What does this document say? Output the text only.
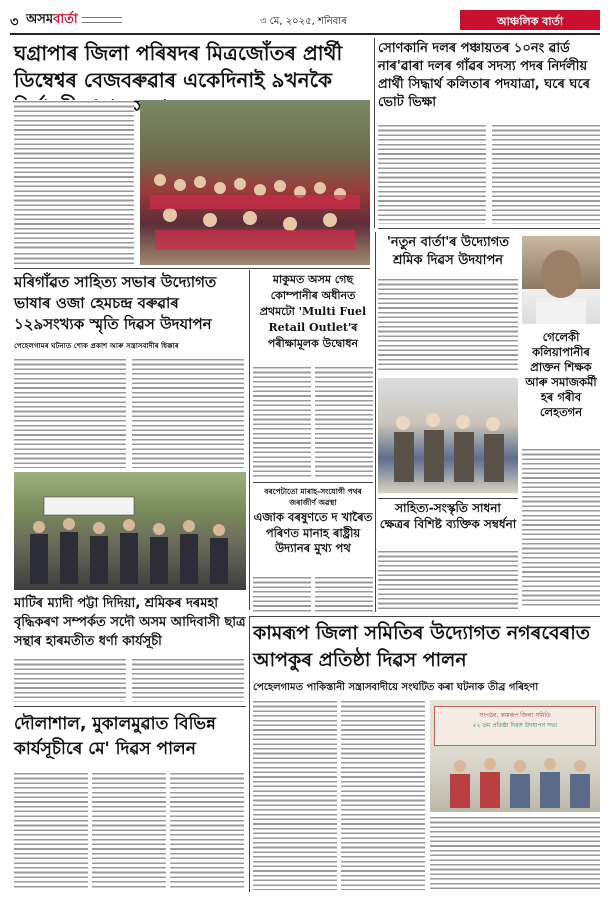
৩ অসম বাৰ্তা	৩ মে, ২০২৫, শনিবাৰ	আঞ্চলিক বাৰ্তা
ঘগ্ৰাপাৰ জিলা পৰিষদৰ মিত্ৰজোঁতৰ প্ৰাৰ্থী ডিম্বেশ্বৰ বেজবৰুৱাৰ একেদিনাই ৯খনকৈ
সোণকানি দলৰ পঞ্চায়তৰ ১০নং ৱাৰ্ড নাৰ'ৱাৰা দলৰ গাঁৱৰ সদস্য পদৰ নিৰ্দলীয় প্ৰাৰ্থী সিদ্ধাৰ্থ কলিতাৰ পদযাত্ৰা, ঘৰে ঘৰে ভোট ভিক্ষা
'নতুন বাৰ্তা'ৰ উদ্যোগত শ্ৰমিক দিৱস উদযাপন
গেলেকী কলিয়াপানীৰ প্ৰাক্তন শিক্ষক আৰু সমাজকৰ্মী হৰ গৰীব লেহতগন
মৰিগাঁৱত সাহিত্য সভাৰ উদ্যোগত ভাষাৰ ওজা হেমচন্দ্ৰ বৰুৱাৰ ১২৯সংখ্যক স্মৃতি দিৱস উদযাপন
পেহেলগামৰ ঘটনাত শোক প্ৰকাশ আৰু সন্ত্ৰাসবাদীৰ ধিক্কাৰ
মাকুমত অসম গেছ কোম্পানীৰ অধীনত প্ৰথমটো 'Multi Fuel Retail Outlet'ৰ পৰীক্ষামূলক উদ্বোধন
বৰপেটাতো মাৰাহ-সংযোগী পথৰ জৰাজীৰ্ণ অৱস্থা
এজাক বৰষুণতে দ খাৰৈত পৰিণত মানাহ ৰাষ্ট্ৰীয় উদ্যানৰ মুখ্য পথ
সাহিত্য-সংস্কৃতি সাধনা ক্ষেত্ৰৰ বিশিষ্ট ব্যক্তিক সম্বৰ্ধনা
মাটিৰ ম্যাদী পট্টা দিদিয়া, শ্ৰমিকৰ দৰমহা বৃদ্ধিকৰণ সম্পৰ্কত সদৌ অসম আদিবাসী ছাত্ৰ সন্থাৰ হাৰমতীত ধৰ্ণা কাৰ্যসূচী	কামৰূপ জিলা সমিতিৰ উদ্যোগত নগৰবেৰাত আপকুৰ প্ৰতিষ্ঠা দিৱস পালন
পেহেলগামত পাকিস্তানী সন্ত্ৰাসবাদীয়ে সংঘটিত কৰা ঘটনাক তীব্ৰ গৰিহণা
সংগঠন, কামৰূপ জিলা সমিতি
৫২ তম প্ৰতিষ্ঠা দিৱস উদযাপন সভা
দৌলাশাল, মুকালমুৱাত বিভিন্ন কাৰ্যসূচীৰে মে' দিৱস পালন
